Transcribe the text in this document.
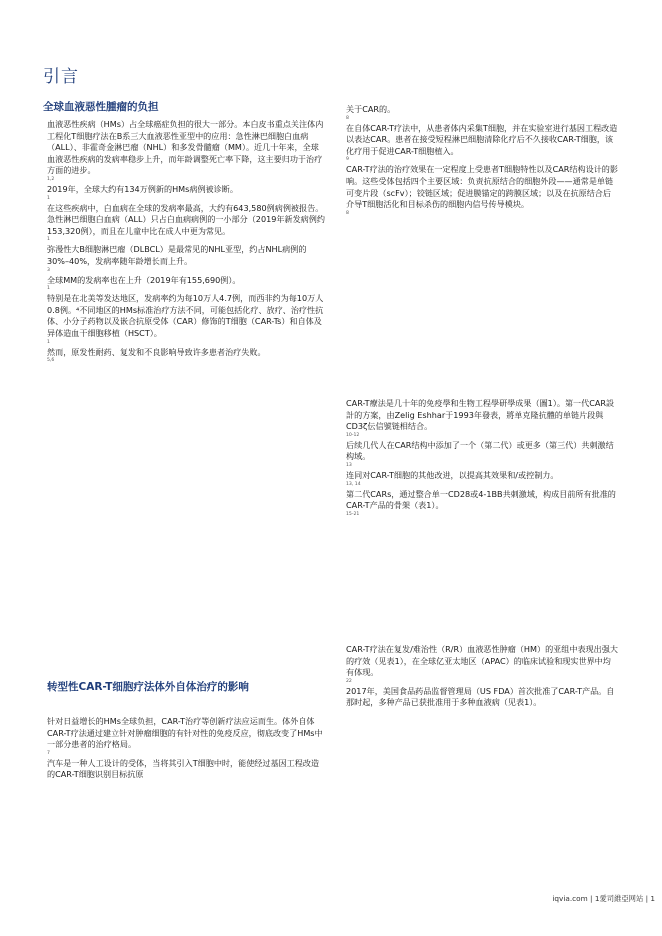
引言
全球血液惡性腫瘤的负担

血液恶性疾病（HMs）占全球癌症负担的很大一部分。本白皮书重点关注体内工程化T细胞疗法在B系三大血液恶性亚型中的应用：急性淋巴细胞白血病（ALL）、非霍奇金淋巴瘤（NHL）和多发骨髓瘤（MM）。近几十年来，全球血液恶性疾病的发病率稳步上升，而年龄调整死亡率下降，这主要归功于治疗方面的进步。

1,2

2019年，全球大约有134万例新的HMs病例被诊断。

1

在这些疾病中，白血病在全球的发病率最高，大约有643,580例病例被报告。急性淋巴细胞白血病（ALL）只占白血病病例的一小部分（2019年新发病例约153,320例），而且在儿童中比在成人中更为常见。

1

弥漫性大B细胞淋巴瘤（DLBCL）是最常见的NHL亚型，约占NHL病例的30%–40%，发病率随年龄增长而上升。

3

全球MM的发病率也在上升（2019年有155,690例）。

1

特别是在北美等发达地区，发病率约为每10万人4.7例，而西非约为每10万人0.8例。⁴不同地区的HMs标准治疗方法不同，可能包括化疗、放疗、治疗性抗体、小分子药物以及嵌合抗原受体（CAR）修饰的T细胞（CAR-Ts）和自体及异体造血干细胞移植（HSCT）。

1

然而，原发性耐药、复发和不良影响导致许多患者治疗失败。

5,6

关于CAR的。

8

在自体CAR-T疗法中，从患者体内采集T细胞，并在实验室进行基因工程改造以表达CAR。患者在接受短程淋巴细胞清除化疗后不久接收CAR-T细胞，该化疗用于促进CAR-T细胞植入。

9

CAR-T疗法的治疗效果在一定程度上受患者T细胞特性以及CAR结构设计的影响。这些受体包括四个主要区域：负责抗原结合的细胞外段——通常是单链可变片段（scFv）；铰链区域；促进膜锚定的跨膜区域；以及在抗原结合后介导T细胞活化和目标杀伤的细胞内信号传导模块。

8

CAR-T療法是几十年的免疫學和生物工程學研學成果（圖1）。第一代CAR設計的方案，由Zelig Eshhar于1993年發表，將单克隆抗體的单链片段與CD3ζ伝信號链相结合。

10-12

后续几代人在CAR结构中添加了一个（第二代）或更多（第三代）共刺激结构域。

13

连同对CAR-T细胞的其他改进，以提高其效果和/或控制力。

13, 14

第二代CARs，通过整合单一CD28或4-1BB共刺激域，构成目前所有批准的CAR-T产品的骨架（表1）。

15-21

CAR-T疗法在复发/难治性（R/R）血液恶性肿瘤（HM）的亚组中表现出强大的疗效（见表1），在全球亿亚太地区（APAC）的临床试验和现实世界中均有体现。

22

2017年，美国食品药品监督管理局（US FDA）首次批准了CAR-T产品。自那时起，多种产品已获批准用于多种血液病（见表1）。

转型性CAR-T细胞疗法体外自体治疗的影响

针对日益增长的HMs全球负担，CAR-T治疗等创新疗法应运而生。体外自体CAR-T疗法通过建立针对肿瘤细胞的有针对性的免疫反应，彻底改变了HMs中一部分患者的治疗格局。

7

汽车是一种人工设计的受体，当将其引入T细胞中时，能使经过基因工程改造的CAR-T细胞识别目标抗原

iqvia.com | 1愛司維亞网站 | 1
